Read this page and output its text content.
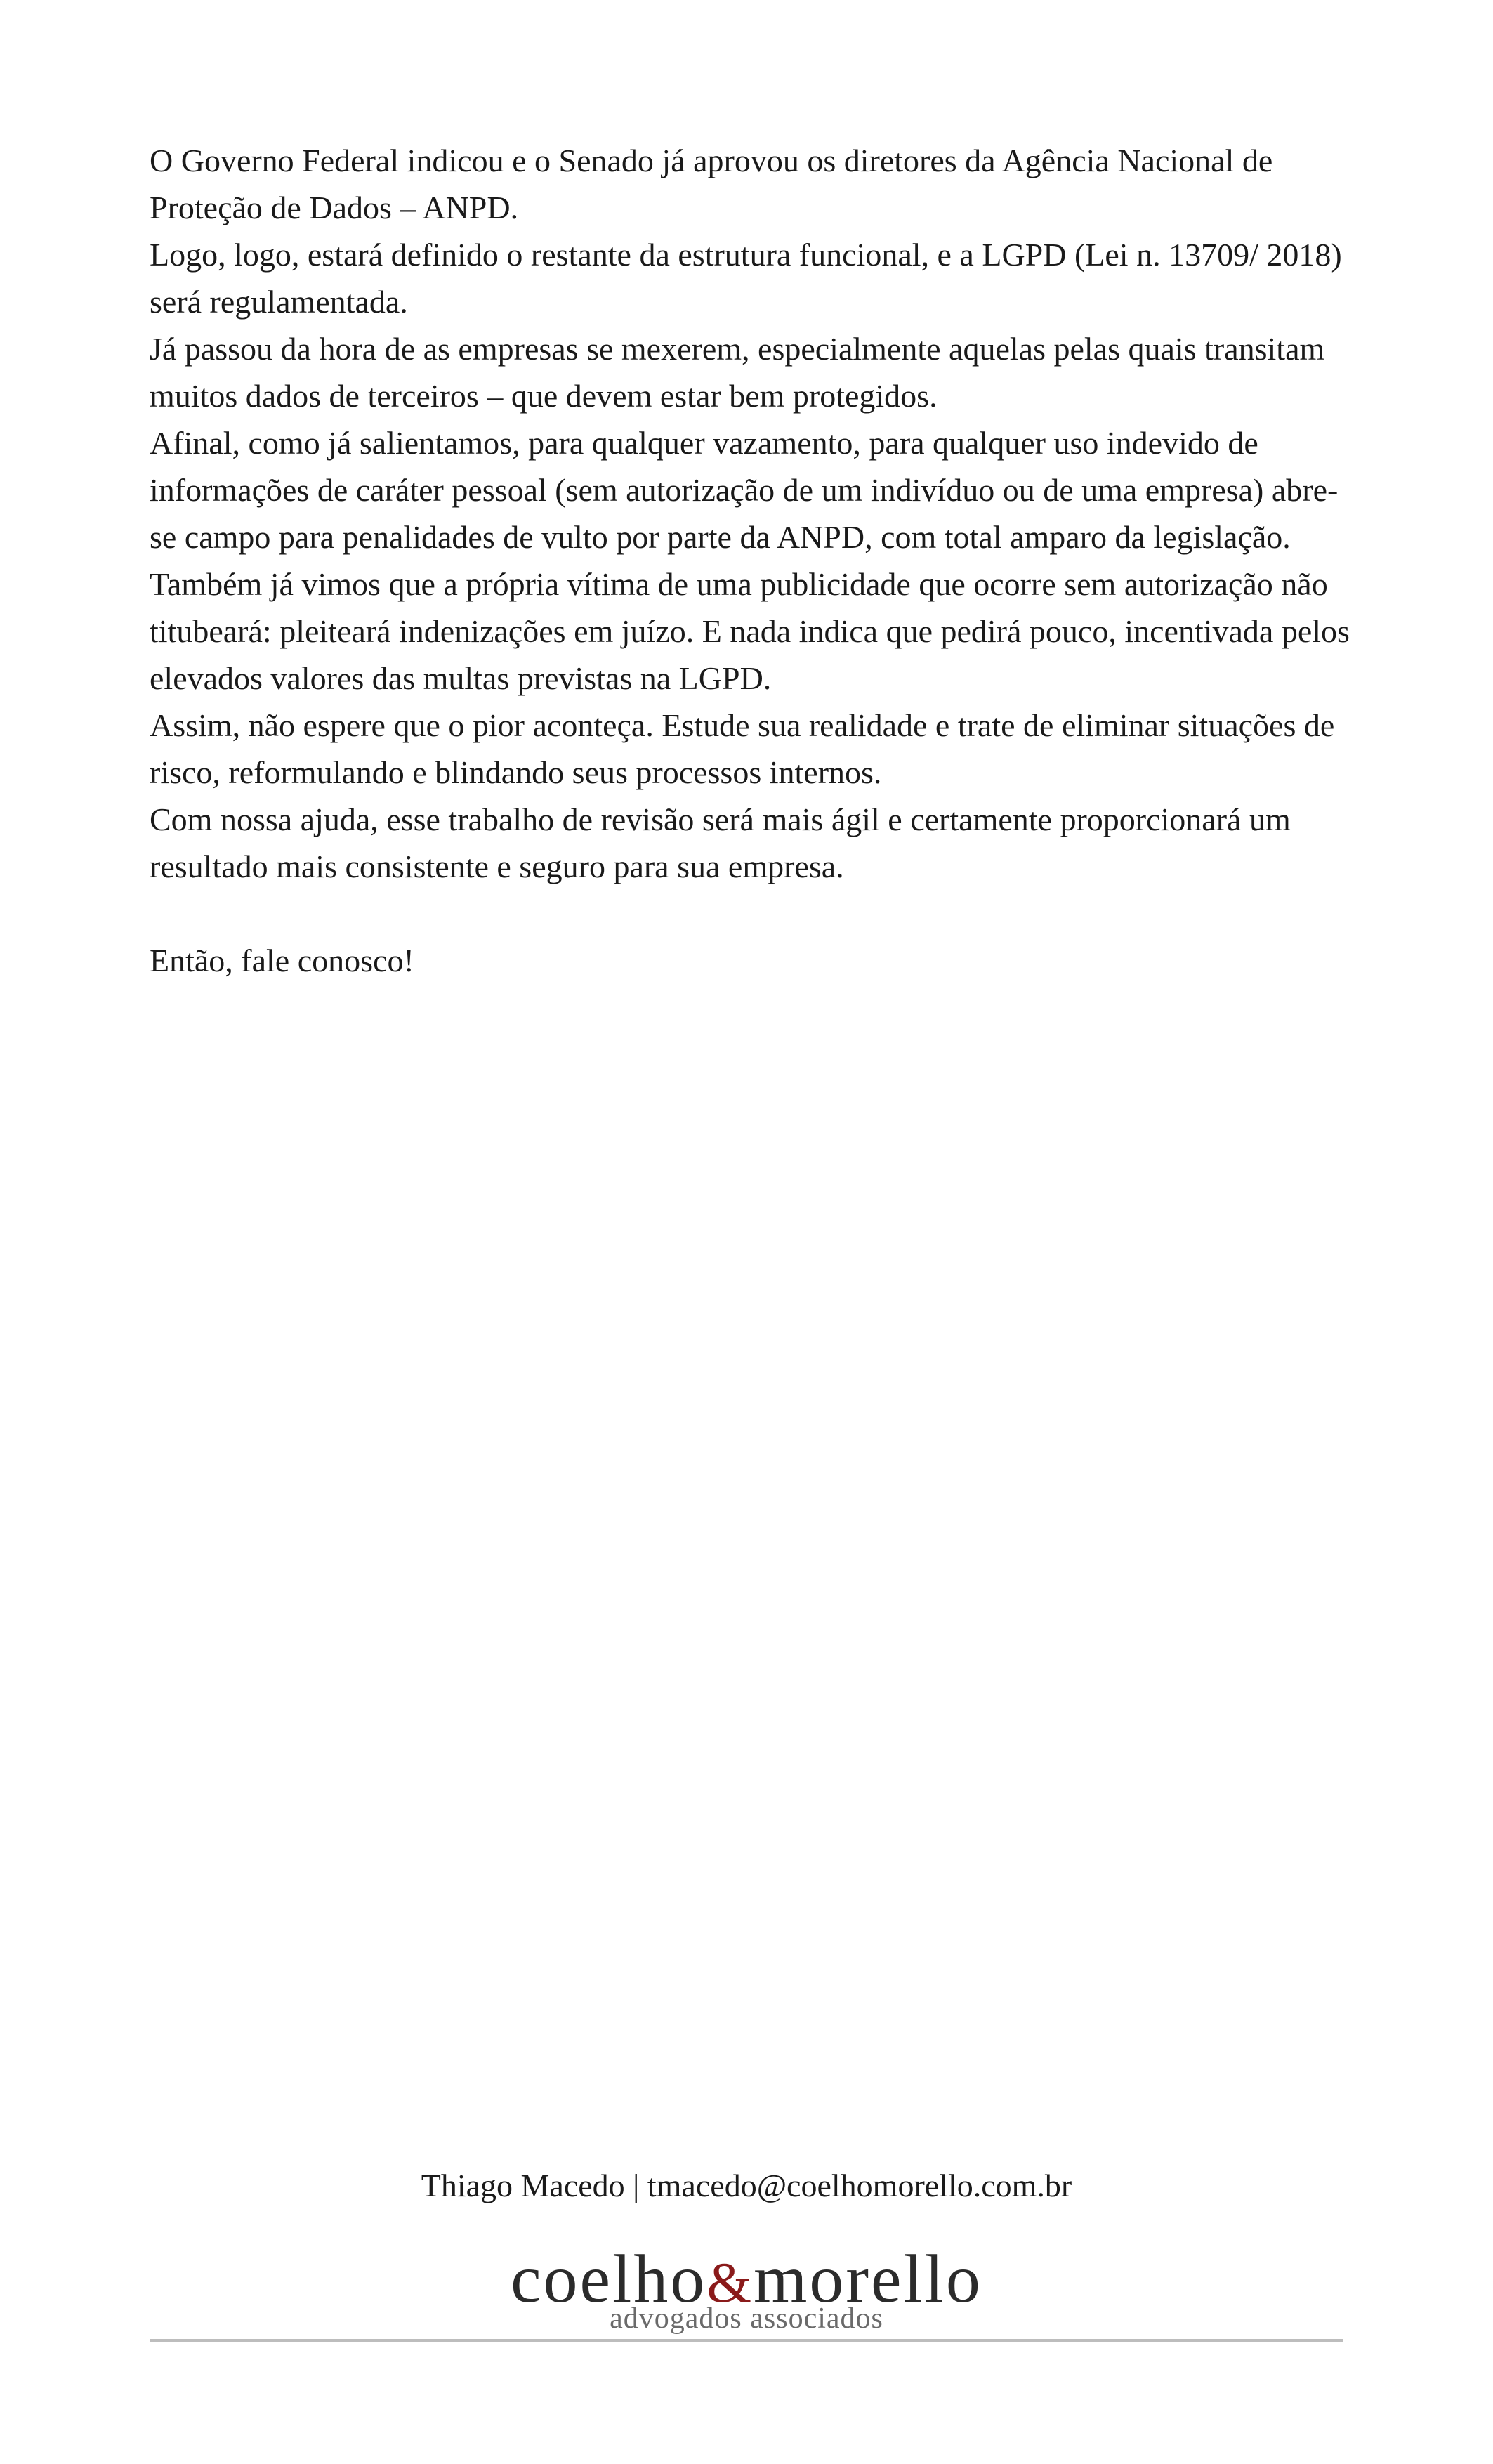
O Governo Federal indicou e o Senado já aprovou os diretores da Agência Nacional de Proteção de Dados – ANPD.

Logo, logo, estará definido o restante da estrutura funcional, e a LGPD (Lei n. 13709/ 2018) será regulamentada.

Já passou da hora de as empresas se mexerem, especialmente aquelas pelas quais transitam muitos dados de terceiros – que devem estar bem protegidos.

Afinal, como já salientamos, para qualquer vazamento, para qualquer uso indevido de informações de caráter pessoal (sem autorização de um indivíduo ou de uma empresa) abre-se campo para penalidades de vulto por parte da ANPD, com total amparo da legislação.

Também já vimos que a própria vítima de uma publicidade que ocorre sem autorização não titubeará: pleiteará indenizações em juízo. E nada indica que pedirá pouco, incentivada pelos elevados valores das multas previstas na LGPD.

Assim, não espere que o pior aconteça. Estude sua realidade e trate de eliminar situações de risco, reformulando e blindando seus processos internos.

Com nossa ajuda, esse trabalho de revisão será mais ágil e certamente proporcionará um resultado mais consistente e seguro para sua empresa.

Então, fale conosco!

Thiago Macedo | tmacedo@coelhomorello.com.br
coelho&morello
advogados associados
